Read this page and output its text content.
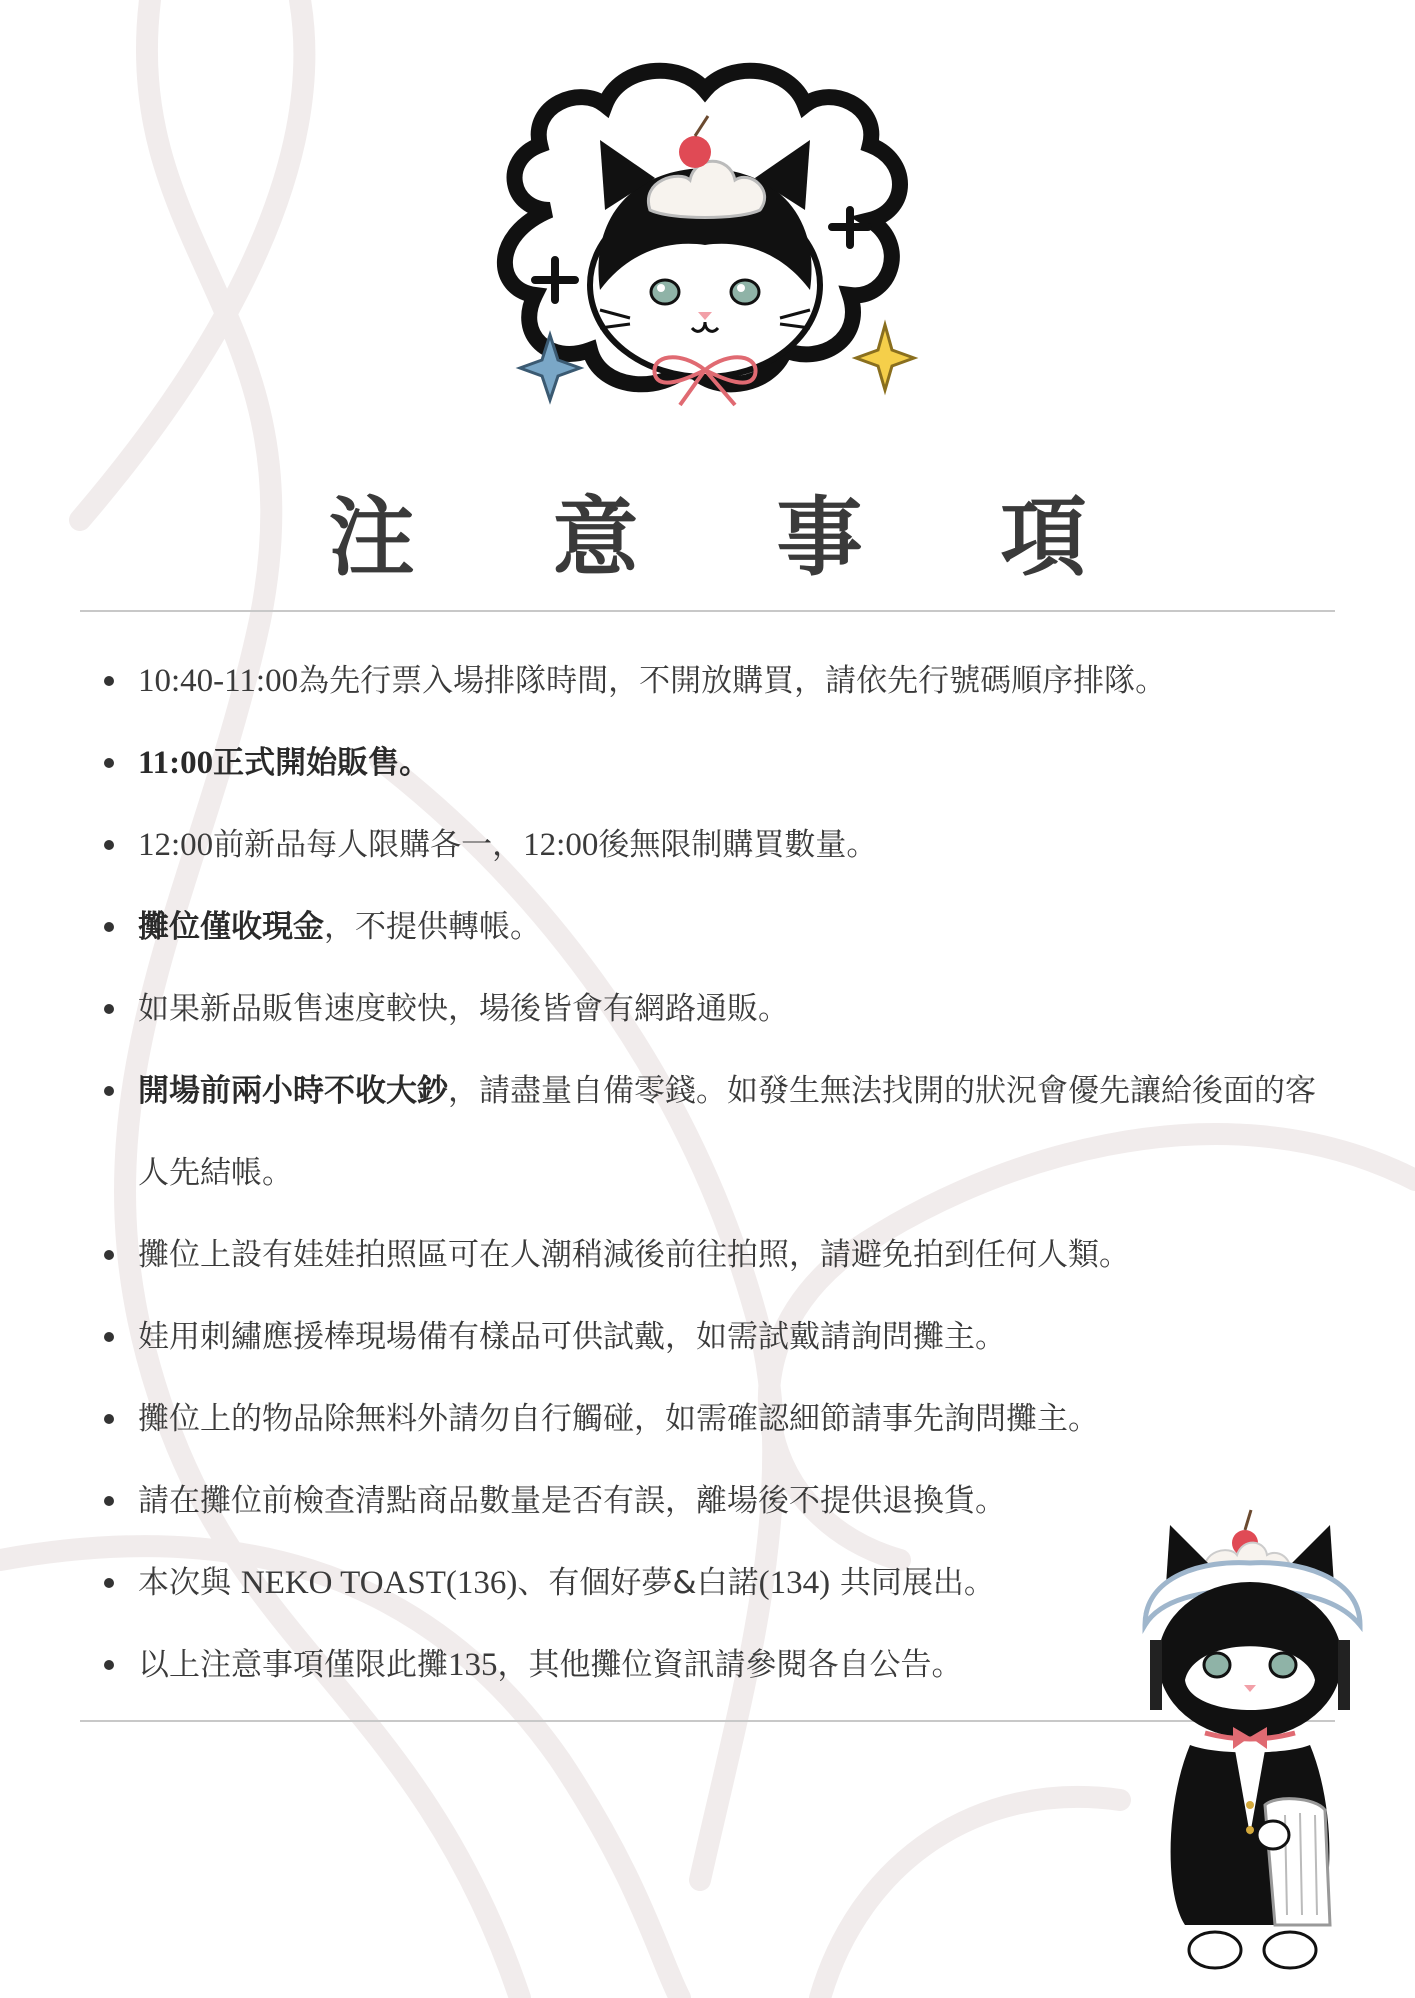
注 意 事 項
10:40-11:00為先行票入場排隊時間，不開放購買，請依先行號碼順序排隊。
11:00正式開始販售。
12:00前新品每人限購各一，12:00後無限制購買數量。
攤位僅收現金，不提供轉帳。
如果新品販售速度較快，場後皆會有網路通販。
開場前兩小時不收大鈔，請盡量自備零錢。如發生無法找開的狀況會優先讓給後面的客人先結帳。
攤位上設有娃娃拍照區可在人潮稍減後前往拍照，請避免拍到任何人類。
娃用刺繡應援棒現場備有樣品可供試戴，如需試戴請詢問攤主。
攤位上的物品除無料外請勿自行觸碰，如需確認細節請事先詢問攤主。
請在攤位前檢查清點商品數量是否有誤，離場後不提供退換貨。
本次與 NEKO TOAST(136)、有個好夢&白諾(134) 共同展出。
以上注意事項僅限此攤135，其他攤位資訊請參閱各自公告。
